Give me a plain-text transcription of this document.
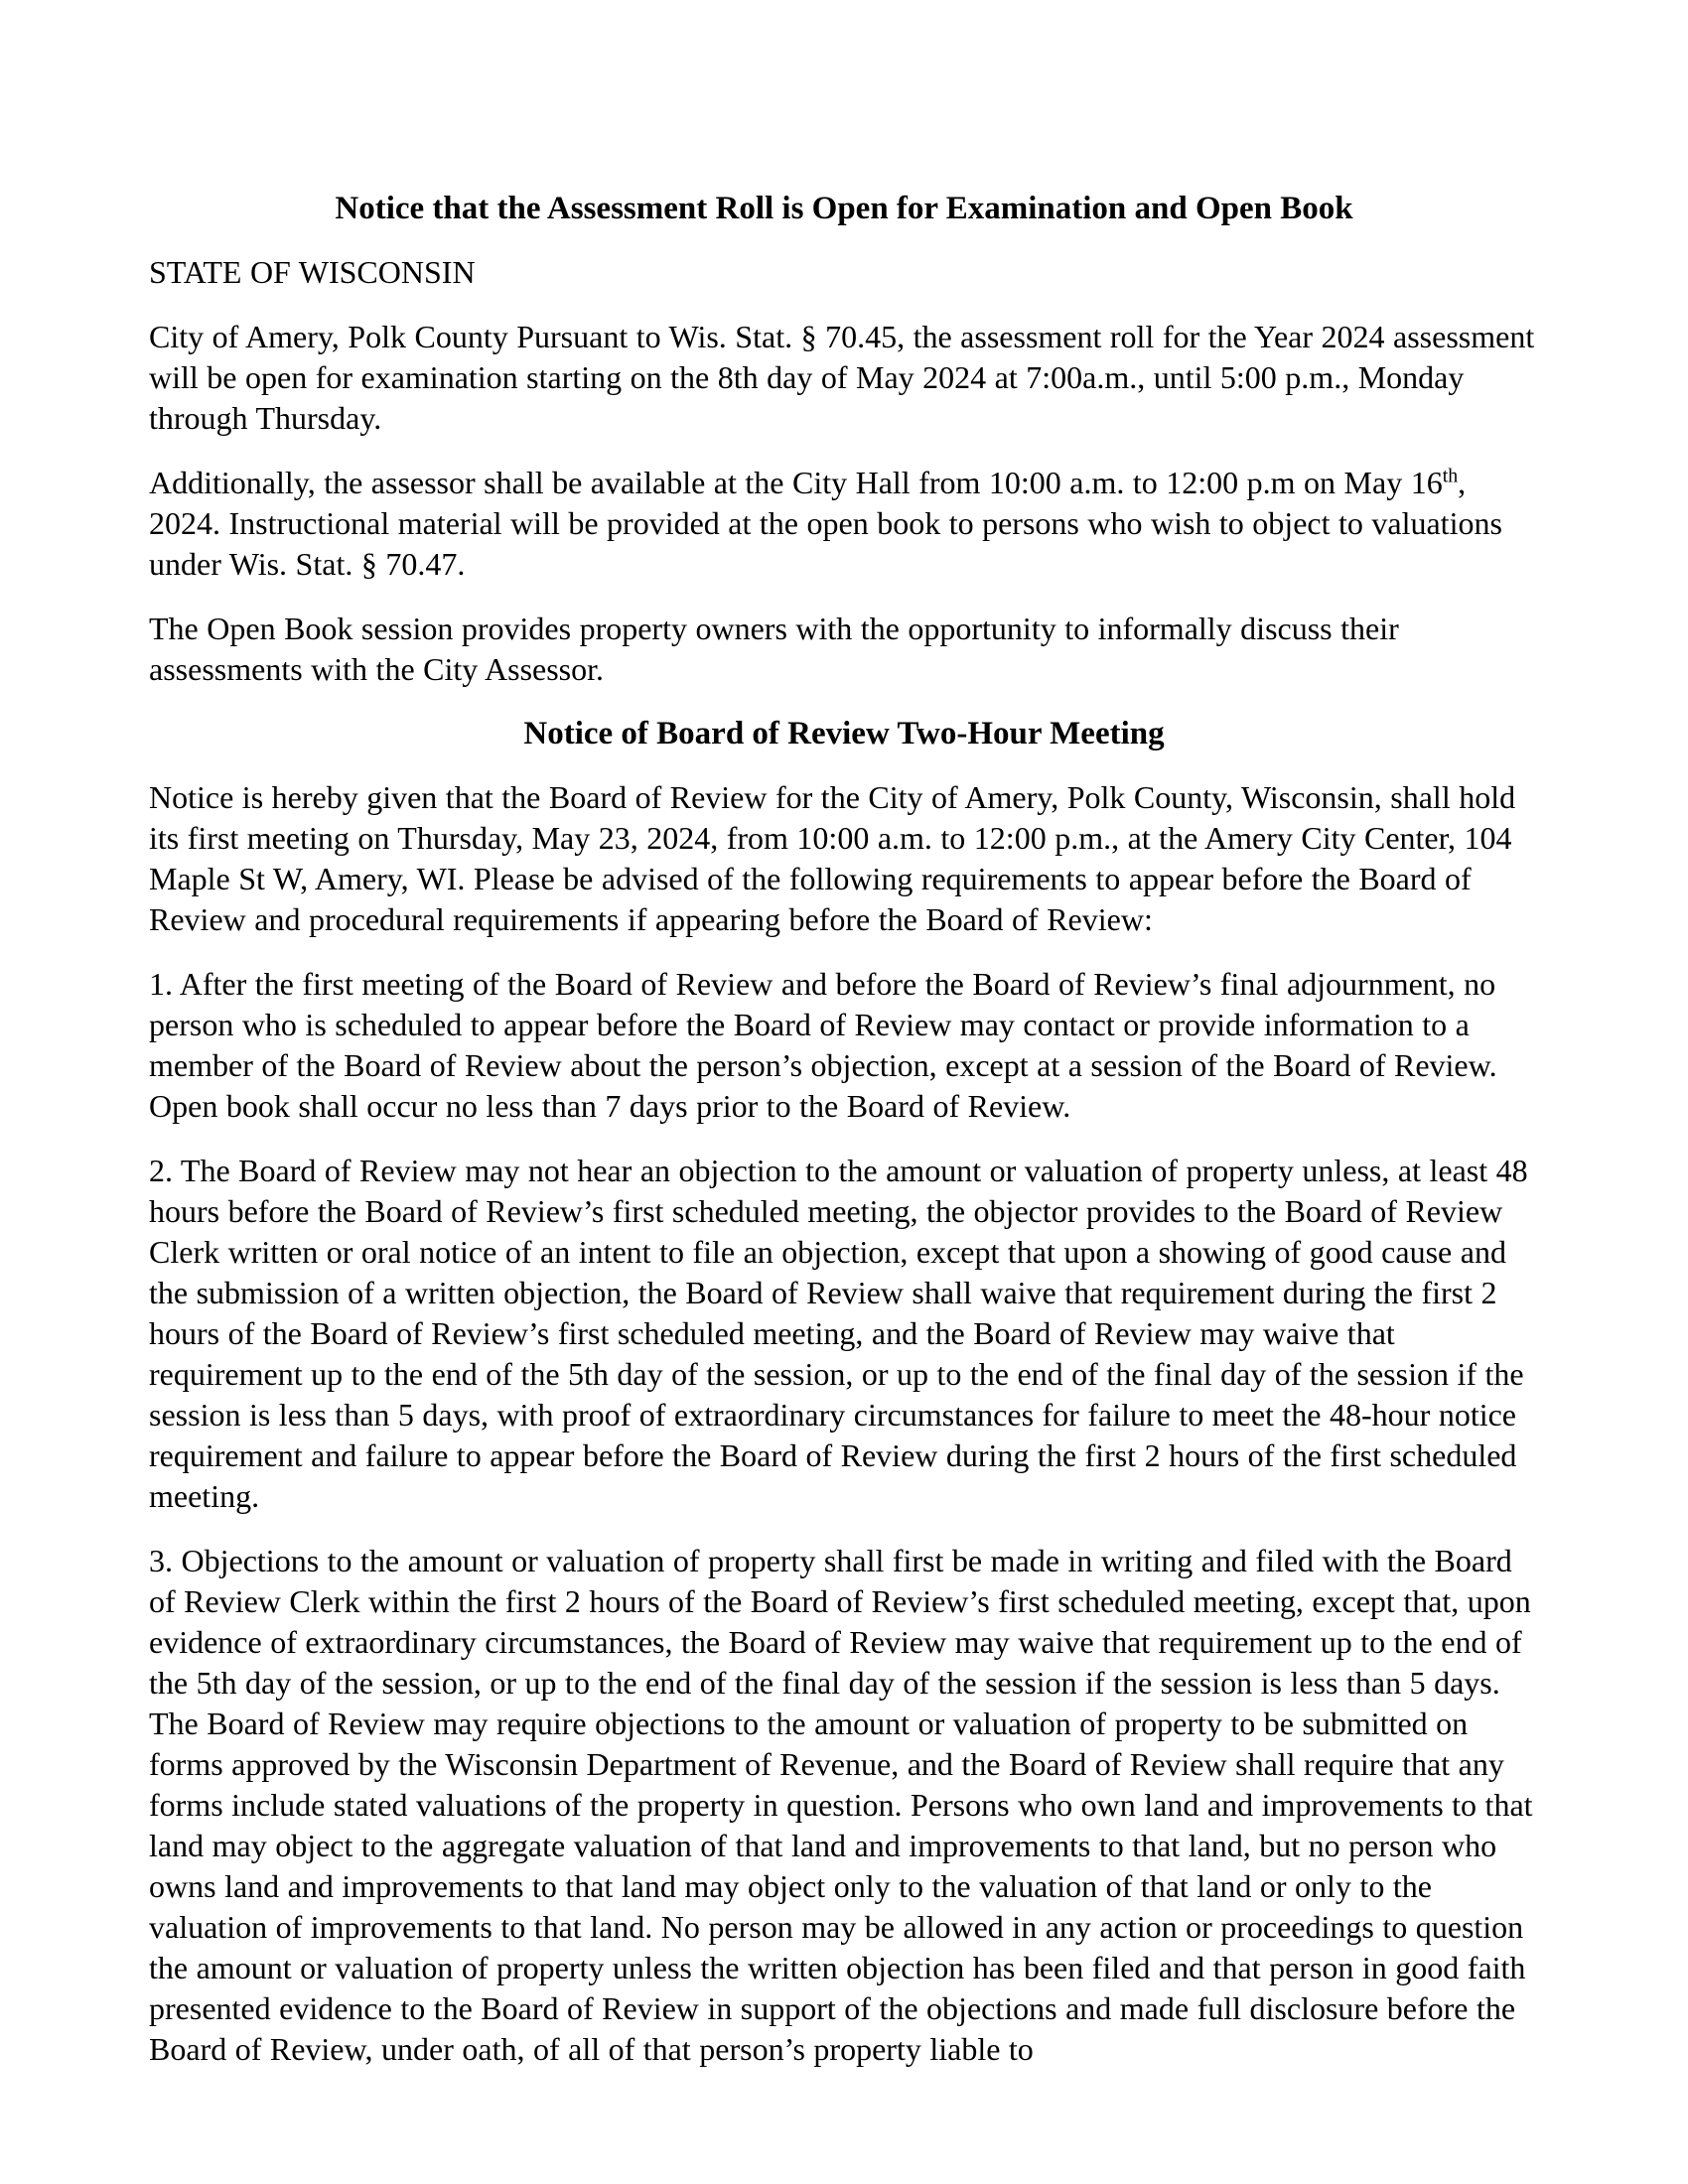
Notice that the Assessment Roll is Open for Examination and Open Book

STATE OF WISCONSIN

City of Amery, Polk County Pursuant to Wis. Stat. § 70.45, the assessment roll for the Year 2024 assessment will be open for examination starting on the 8th day of May 2024 at 7:00a.m., until 5:00 p.m., Monday through Thursday.

Additionally, the assessor shall be available at the City Hall from 10:00 a.m. to 12:00 p.m on May 16th, 2024. Instructional material will be provided at the open book to persons who wish to object to valuations under Wis. Stat. § 70.47.

The Open Book session provides property owners with the opportunity to informally discuss their assessments with the City Assessor.

Notice of Board of Review Two-Hour Meeting

Notice is hereby given that the Board of Review for the City of Amery, Polk County, Wisconsin, shall hold its first meeting on Thursday, May 23, 2024, from 10:00 a.m. to 12:00 p.m., at the Amery City Center, 104 Maple St W, Amery, WI. Please be advised of the following requirements to appear before the Board of Review and procedural requirements if appearing before the Board of Review:

1. After the first meeting of the Board of Review and before the Board of Review’s final adjournment, no person who is scheduled to appear before the Board of Review may contact or provide information to a member of the Board of Review about the person’s objection, except at a session of the Board of Review. Open book shall occur no less than 7 days prior to the Board of Review.

2. The Board of Review may not hear an objection to the amount or valuation of property unless, at least 48 hours before the Board of Review’s first scheduled meeting, the objector provides to the Board of Review Clerk written or oral notice of an intent to file an objection, except that upon a showing of good cause and the submission of a written objection, the Board of Review shall waive that requirement during the first 2 hours of the Board of Review’s first scheduled meeting, and the Board of Review may waive that requirement up to the end of the 5th day of the session, or up to the end of the final day of the session if the session is less than 5 days, with proof of extraordinary circumstances for failure to meet the 48-hour notice requirement and failure to appear before the Board of Review during the first 2 hours of the first scheduled meeting.

3. Objections to the amount or valuation of property shall first be made in writing and filed with the Board of Review Clerk within the first 2 hours of the Board of Review’s first scheduled meeting, except that, upon evidence of extraordinary circumstances, the Board of Review may waive that requirement up to the end of the 5th day of the session, or up to the end of the final day of the session if the session is less than 5 days. The Board of Review may require objections to the amount or valuation of property to be submitted on forms approved by the Wisconsin Department of Revenue, and the Board of Review shall require that any forms include stated valuations of the property in question. Persons who own land and improvements to that land may object to the aggregate valuation of that land and improvements to that land, but no person who owns land and improvements to that land may object only to the valuation of that land or only to the valuation of improvements to that land. No person may be allowed in any action or proceedings to question the amount or valuation of property unless the written objection has been filed and that person in good faith presented evidence to the Board of Review in support of the objections and made full disclosure before the Board of Review, under oath, of all of that person’s property liable to
